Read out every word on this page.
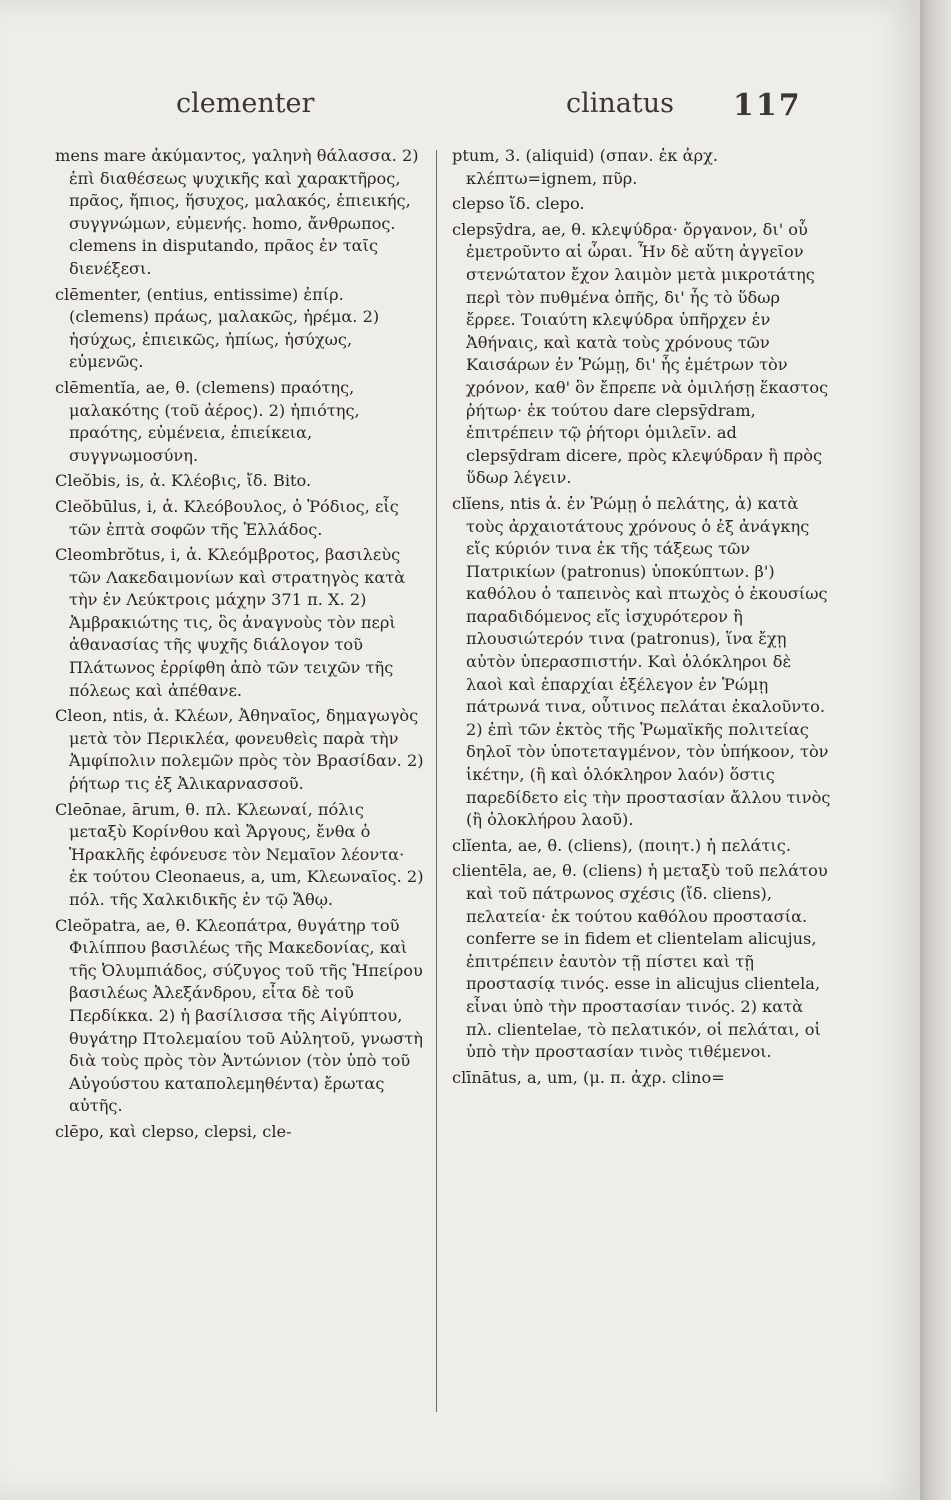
clementer	clinatus 117

mens mare ἀκύμαντος, γαληνὴ θάλασσα. 2) ἐπὶ διαθέσεως ψυχικῆς καὶ χαρακτῆρος, πρᾶος, ἤπιος, ἥσυχος, μαλακός, ἐπιεικής, συγγνώμων, εὐμενής. homo, ἄνθρωπος. clemens in disputando, πρᾶος ἐν ταῖς διενέξεσι.

clēmenter, (entius, entissime) ἐπίρ. (clemens) πράως, μαλακῶς, ἠρέμα. 2) ἡσύχως, ἐπιεικῶς, ἠπίως, ἡσύχως, εὐμενῶς.

clēmentĭa, ae, θ. (clemens) πραότης, μαλακότης (τοῦ ἀέρος). 2) ἠπιότης, πραότης, εὐμένεια, ἐπιείκεια, συγγνωμοσύνη.

Cleŏbis, is, ἀ. Κλέοβις, ἴδ. Bito.

Cleŏbūlus, i, ἀ. Κλεόβουλος, ὁ Ῥόδιος, εἷς τῶν ἑπτὰ σοφῶν τῆς Ἑλλάδος.

Cleombrŏtus, i, ἀ. Κλεόμβροτος, βασιλεὺς τῶν Λακεδαιμονίων καὶ στρατηγὸς κατὰ τὴν ἐν Λεύκτροις μάχην 371 π. Χ. 2) Ἀμβρακιώτης τις, ὃς ἀναγνοὺς τὸν περὶ ἀθανασίας τῆς ψυχῆς διάλογον τοῦ Πλάτωνος ἐρρίφθη ἀπὸ τῶν τειχῶν τῆς πόλεως καὶ ἀπέθανε.

Cleon, ntis, ἀ. Κλέων, Ἀθηναῖος, δημαγωγὸς μετὰ τὸν Περικλέα, φονευθεὶς παρὰ τὴν Ἀμφίπολιν πολεμῶν πρὸς τὸν Βρασίδαν. 2) ῥήτωρ τις ἐξ Ἀλικαρνασσοῦ.

Cleōnae, ārum, θ. πλ. Κλεωναί, πόλις μεταξὺ Κορίνθου καὶ Ἄργους, ἔνθα ὁ Ἡρακλῆς ἐφόνευσε τὸν Νεμαῖον λέοντα· ἐκ τούτου Cleonaeus, a, um, Κλεωναῖος. 2) πόλ. τῆς Χαλκιδικῆς ἐν τῷ Ἄθῳ.

Cleŏpatra, ae, θ. Κλεοπάτρα, θυγάτηρ τοῦ Φιλίππου βασιλέως τῆς Μακεδονίας, καὶ τῆς Ὀλυμπιάδος, σύζυγος τοῦ τῆς Ἠπείρου βασιλέως Ἀλεξάνδρου, εἶτα δὲ τοῦ Περδίκκα. 2) ἡ βασίλισσα τῆς Αἰγύπτου, θυγάτηρ Πτολεμαίου τοῦ Αὐλητοῦ, γνωστὴ διὰ τοὺς πρὸς τὸν Ἀντώνιον (τὸν ὑπὸ τοῦ Αὐγούστου καταπολεμηθέντα) ἔρωτας αὐτῆς.

clēpo, καὶ clepso, clepsi, cle-

ptum, 3. (aliquid) (σπαν. ἐκ ἀρχ. κλέπτω=ignem, πῦρ.

clepso ἴδ. clepo.

clepsȳdra, ae, θ. κλεψύδρα· ὄργανον, δι' οὗ ἐμετροῦντο αἱ ὧραι. Ἦν δὲ αὕτη ἀγγεῖον στενώτατον ἔχον λαιμὸν μετὰ μικροτάτης περὶ τὸν πυθμένα ὀπῆς, δι' ἧς τὸ ὕδωρ ἔρρεε. Τοιαύτη κλεψύδρα ὑπῆρχεν ἐν Ἀθήναις, καὶ κατὰ τοὺς χρόνους τῶν Καισάρων ἐν Ῥώμῃ, δι' ἧς ἐμέτρων τὸν χρόνον, καθ' ὃν ἔπρεπε νὰ ὁμιλήσῃ ἕκαστος ῥήτωρ· ἐκ τούτου dare clepsȳdram, ἐπιτρέπειν τῷ ῥήτορι ὁμιλεῖν. ad clepsȳdram dicere, πρὸς κλεψύδραν ἢ πρὸς ὕδωρ λέγειν.

clĭens, ntis ἀ. ἐν Ῥώμῃ ὁ πελάτης, ἀ) κατὰ τοὺς ἀρχαιοτάτους χρόνους ὁ ἐξ ἀνάγκης εἴς κύριόν τινα ἐκ τῆς τάξεως τῶν Πατρικίων (patronus) ὑποκύπτων. β') καθόλου ὁ ταπεινὸς καὶ πτωχὸς ὁ ἑκουσίως παραδιδόμενος εἴς ἰσχυρότερον ἢ πλουσιώτερόν τινα (patronus), ἵνα ἔχῃ αὐτὸν ὑπερασπιστήν. Καὶ ὁλόκληροι δὲ λαοὶ καὶ ἐπαρχίαι ἐξέλεγον ἐν Ῥώμῃ πάτρωνά τινα, οὗτινος πελάται ἐκαλοῦντο. 2) ἐπὶ τῶν ἐκτὸς τῆς Ῥωμαϊκῆς πολιτείας δηλοῖ τὸν ὑποτεταγμένον, τὸν ὑπήκοον, τὸν ἱκέτην, (ἢ καὶ ὁλόκληρον λαόν) ὅστις παρεδίδετο εἰς τὴν προστασίαν ἄλλου τινὸς (ἢ ὁλοκλήρου λαοῦ).

clĭenta, ae, θ. (cliens), (ποιητ.) ἡ πελάτις.

clientēla, ae, θ. (cliens) ἡ μεταξὺ τοῦ πελάτου καὶ τοῦ πάτρωνος σχέσις (ἴδ. cliens), πελατεία· ἐκ τούτου καθόλου προστασία. conferre se in fidem et clientelam alicujus, ἐπιτρέπειν ἑαυτὸν τῇ πίστει καὶ τῇ προστασίᾳ τινός. esse in alicujus clientela, εἶναι ὑπὸ τὴν προστασίαν τινός. 2) κατὰ πλ. clientelae, τὸ πελατικόν, οἱ πελάται, οἱ ὑπὸ τὴν προστασίαν τινὸς τιθέμενοι.

clīnātus, a, um, (μ. π. ἀχρ. clino=
